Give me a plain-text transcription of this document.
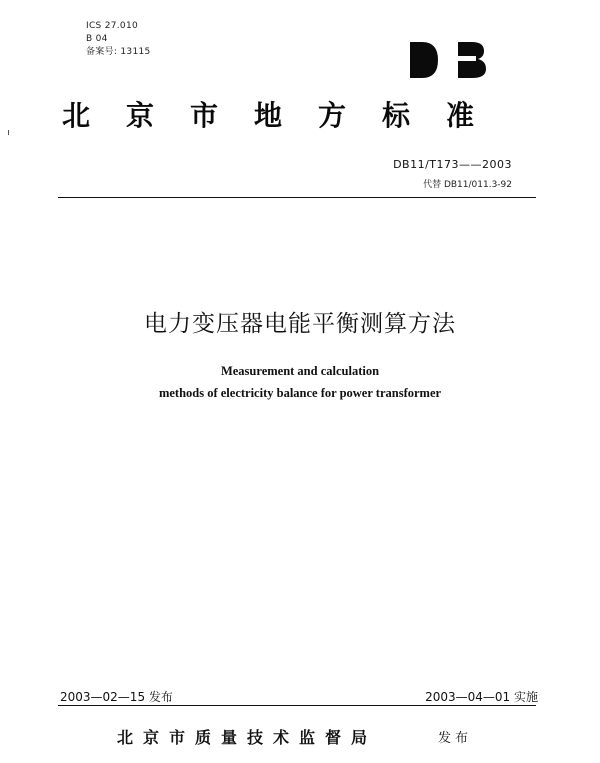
ICS 27.010
B 04
备案号: 13115
北京市地方标准
DB11/T173——2003
代替 DB11/011.3-92
电力变压器电能平衡测算方法
Measurement and calculation
methods of electricity balance for power transformer
2003—02—15 发布	2003—04—01 实施
北京市质量技术监督局	发布
